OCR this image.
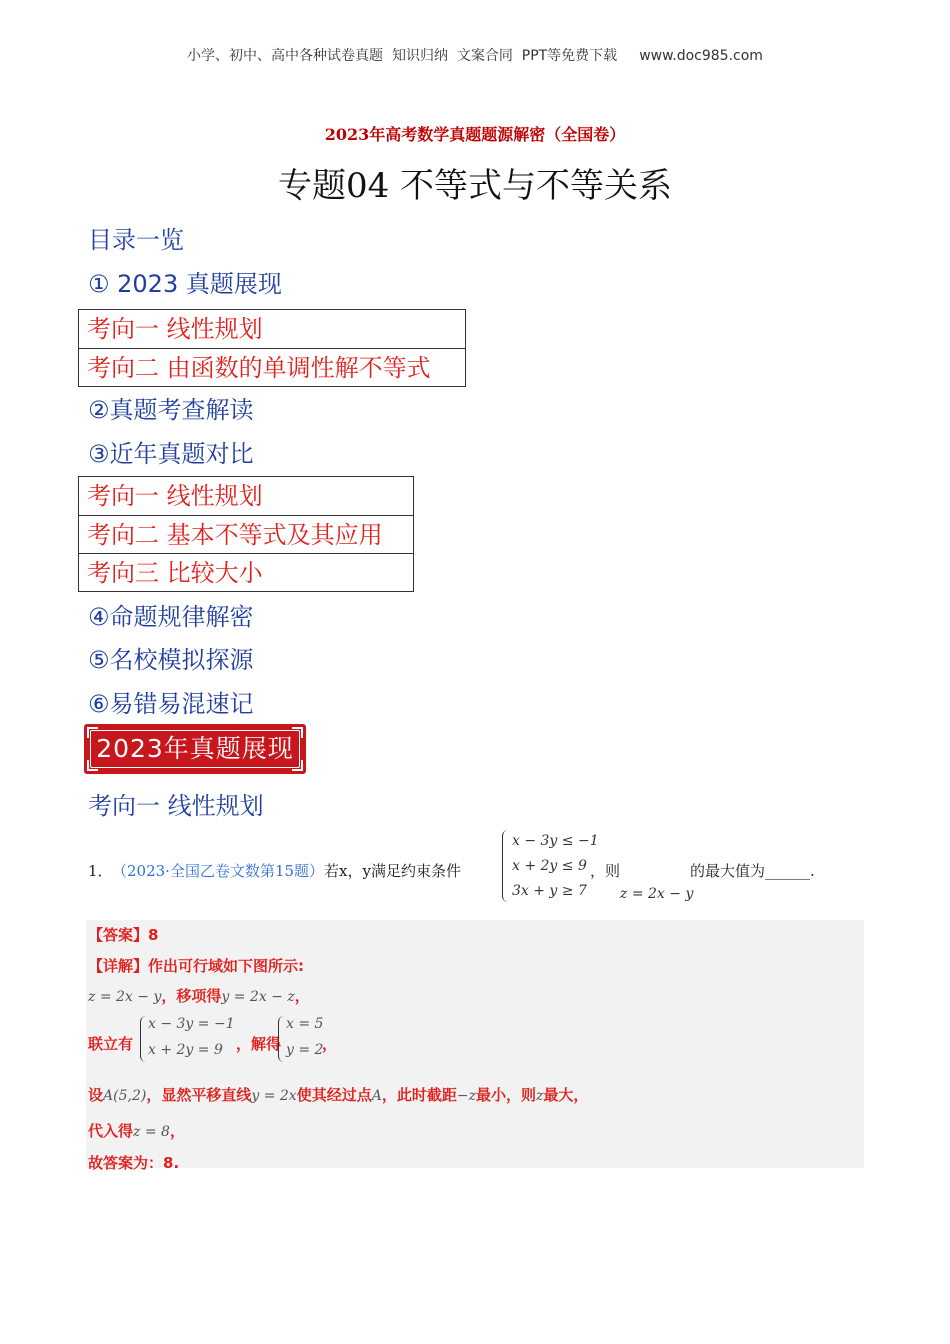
小学、初中、高中各种试卷真题  知识归纳  文案合同  PPT等免费下载 www.doc985.com
2023年高考数学真题题源解密（全国卷）
专题04 不等式与不等关系
目录一览
① 2023 真题展现
考向一 线性规划
考向二 由函数的单调性解不等式
②真题考查解读
③近年真题对比
考向一 线性规划
考向二 基本不等式及其应用
考向三 比较大小
④命题规律解密
⑤名校模拟探源
⑥易错易混速记
2023年真题展现
考向一 线性规划
1． （2023·全国乙卷文数第15题）若x，y满足约束条件
x − 3y ≤ −1
x + 2y ≤ 9
3x + y ≥ 7
，则
z = 2x − y
的最大值为______.
【答案】8
【详解】作出可行域如下图所示:
z = 2x − y，移项得y = 2x − z，
联立有
x − 3y = −1
x + 2y = 9 ，解得
x = 5
y = 2
，
设A(5,2)，显然平移直线y = 2x使其经过点A，此时截距−z最小，则z最大，
代入得z = 8，
故答案为：8.
